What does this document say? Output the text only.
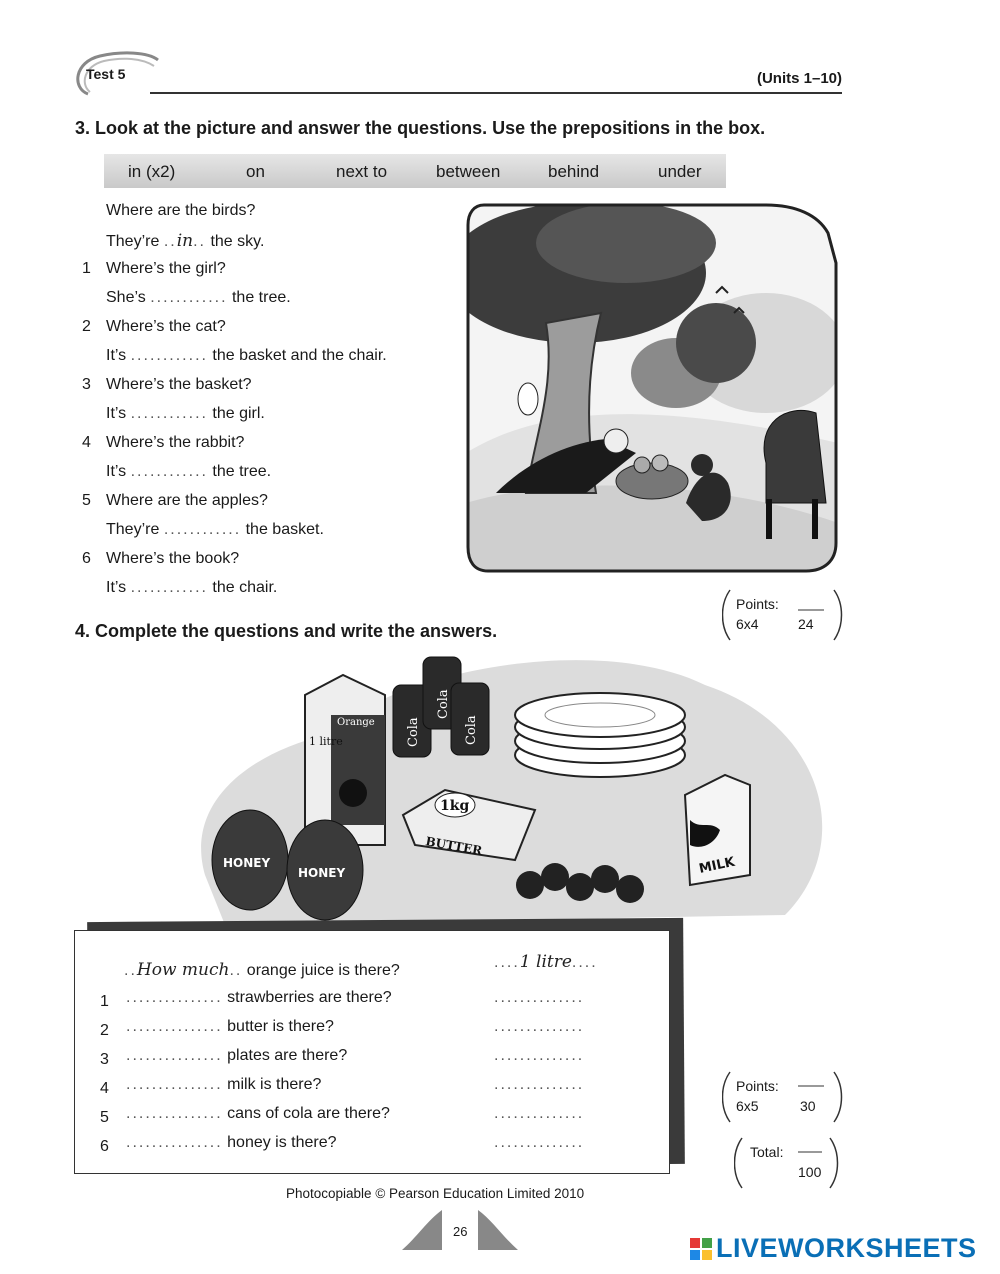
Test 5	(Units 1–10)
3. Look at the picture and answer the questions. Use the prepositions in the box.
in (x2)	on	next to	between	behind	under
Where are the birds?
They’re ..in.. the sky.
1 Where’s the girl?
She’s ............ the tree.
2 Where’s the cat?
It’s ............ the basket and the chair.
3 Where’s the basket?
It’s ............ the girl.
4 Where’s the rabbit?
It’s ............ the tree.
5 Where are the apples?
They’re ............ the basket.
6 Where’s the book?
It’s ............ the chair.
Points:
6x4	24
4. Complete the questions and write the answers.
Orange
1 litre	Cola
Cola
Cola
1kg
BUTTER
HONEY
HONEY	MILK
..How much.. orange juice is there?	....1 litre....
1 ............... strawberries are there?	..............
2 ............... butter is there?	..............
3 ............... plates are there?	..............
4 ............... milk is there?	..............
5 ............... cans of cola are there?	..............
6 ............... honey is there?	..............
Points:
6x5	30
Total:
100
Photocopiable © Pearson Education Limited 2010
26
LIVEWORKSHEETS
